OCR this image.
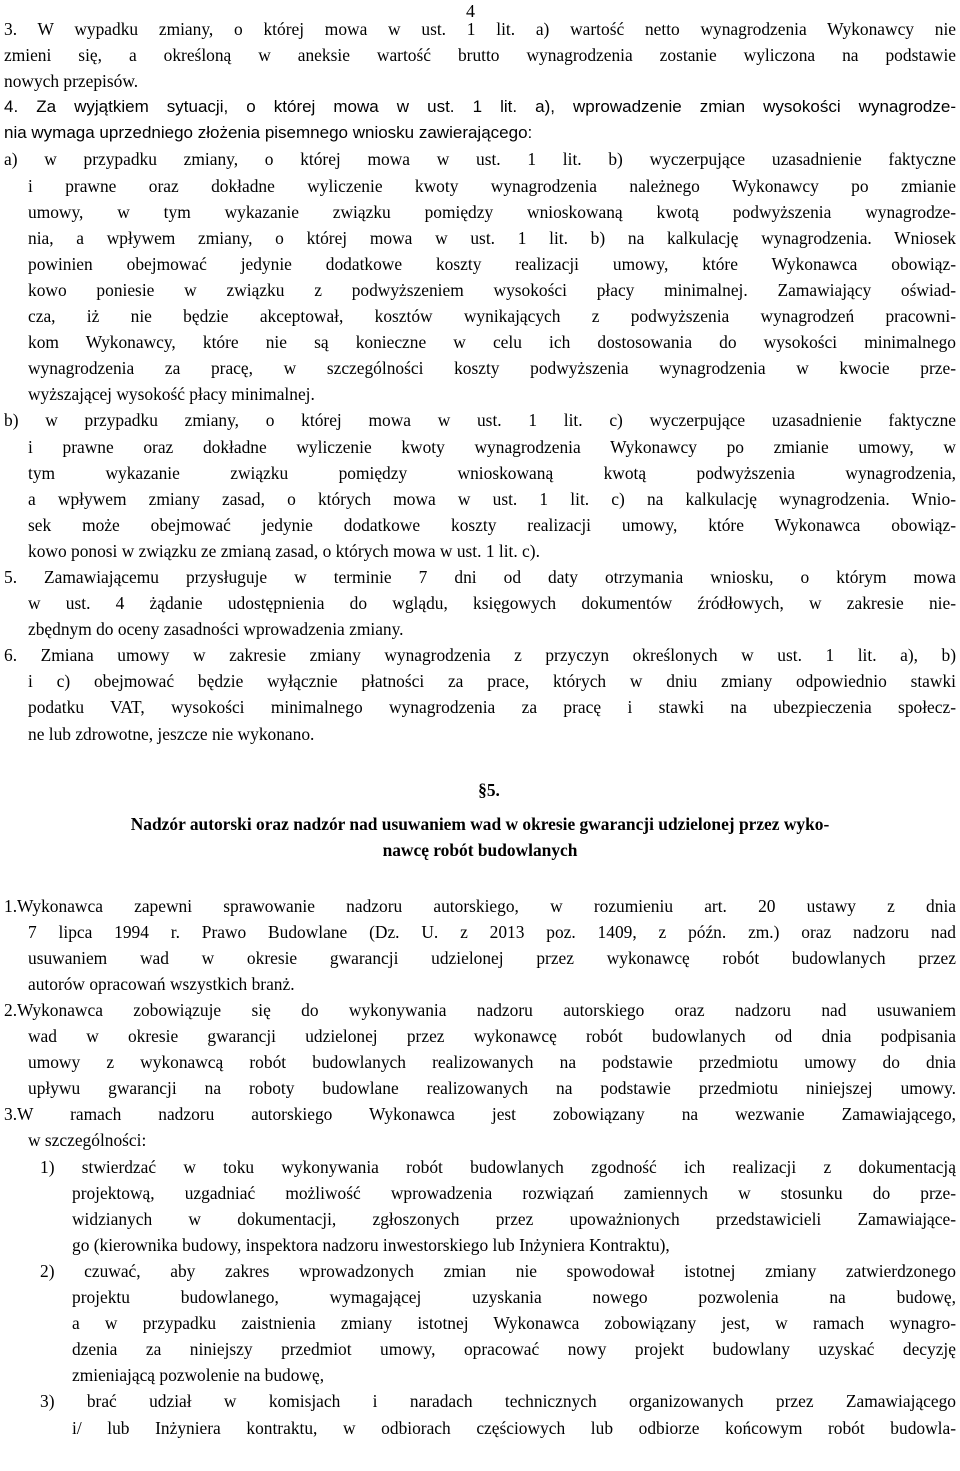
4
3. W wypadku zmiany, o której mowa w ust. 1 lit. a) wartość netto wynagrodzenia Wykonawcy nie
zmieni się, a określoną w aneksie wartość brutto wynagrodzenia zostanie wyliczona na podstawie
nowych przepisów.
4. Za wyjątkiem sytuacji, o której mowa w ust. 1 lit. a), wprowadzenie zmian wysokości wynagrodze-
nia wymaga uprzedniego złożenia pisemnego wniosku zawierającego:
a) w przypadku zmiany, o której mowa w ust. 1 lit. b) wyczerpujące uzasadnienie faktyczne
i prawne oraz dokładne wyliczenie kwoty wynagrodzenia należnego Wykonawcy po zmianie
umowy, w tym wykazanie związku pomiędzy wnioskowaną kwotą podwyższenia wynagrodze-
nia, a wpływem zmiany, o której mowa w ust. 1 lit. b) na kalkulację wynagrodzenia. Wniosek
powinien obejmować jedynie dodatkowe koszty realizacji umowy, które Wykonawca obowiąz-
kowo poniesie w związku z podwyższeniem wysokości płacy minimalnej. Zamawiający oświad-
cza, iż nie będzie akceptował, kosztów wynikających z podwyższenia wynagrodzeń pracowni-
kom Wykonawcy, które nie są konieczne w celu ich dostosowania do wysokości minimalnego
wynagrodzenia za pracę, w szczególności koszty podwyższenia wynagrodzenia w kwocie prze-
wyższającej wysokość płacy minimalnej.
b) w przypadku zmiany, o której mowa w ust. 1 lit. c) wyczerpujące uzasadnienie faktyczne
i prawne oraz dokładne wyliczenie kwoty wynagrodzenia Wykonawcy po zmianie umowy, w
tym wykazanie związku pomiędzy wnioskowaną kwotą podwyższenia wynagrodzenia,
a wpływem zmiany zasad, o których mowa w ust. 1 lit. c) na kalkulację wynagrodzenia. Wnio-
sek może obejmować jedynie dodatkowe koszty realizacji umowy, które Wykonawca obowiąz-
kowo ponosi w związku ze zmianą zasad, o których mowa w ust. 1 lit. c).
5. Zamawiającemu przysługuje w terminie 7 dni od daty otrzymania wniosku, o którym mowa
w ust. 4 żądanie udostępnienia do wglądu, księgowych dokumentów źródłowych, w zakresie nie-
zbędnym do oceny zasadności wprowadzenia zmiany.
6. Zmiana umowy w zakresie zmiany wynagrodzenia z przyczyn określonych w ust. 1 lit. a), b)
i c) obejmować będzie wyłącznie płatności za prace, których w dniu zmiany odpowiednio stawki
podatku VAT, wysokości minimalnego wynagrodzenia za pracę i stawki na ubezpieczenia społecz-
ne lub zdrowotne, jeszcze nie wykonano.
§5.
Nadzór autorski oraz nadzór nad usuwaniem wad w okresie gwarancji udzielonej przez wyko-
nawcę robót budowlanych
1.Wykonawca zapewni sprawowanie nadzoru autorskiego, w rozumieniu art. 20 ustawy z dnia
7 lipca 1994 r. Prawo Budowlane (Dz. U. z 2013 poz. 1409, z późn. zm.) oraz nadzoru nad
usuwaniem wad w okresie gwarancji udzielonej przez wykonawcę robót budowlanych przez
autorów opracowań wszystkich branż.
2.Wykonawca zobowiązuje się do wykonywania nadzoru autorskiego oraz nadzoru nad usuwaniem
wad w okresie gwarancji udzielonej przez wykonawcę robót budowlanych od dnia podpisania
umowy z wykonawcą robót budowlanych realizowanych na podstawie przedmiotu umowy do dnia
upływu gwarancji na roboty budowlane realizowanych na podstawie przedmiotu niniejszej umowy.
3.W ramach nadzoru autorskiego Wykonawca jest zobowiązany na wezwanie Zamawiającego,
w szczególności:
1) stwierdzać w toku wykonywania robót budowlanych zgodność ich realizacji z dokumentacją
projektową, uzgadniać możliwość wprowadzenia rozwiązań zamiennych w stosunku do prze-
widzianych w dokumentacji, zgłoszonych przez upoważnionych przedstawicieli Zamawiające-
go (kierownika budowy, inspektora nadzoru inwestorskiego lub Inżyniera Kontraktu),
2) czuwać, aby zakres wprowadzonych zmian nie spowodował istotnej zmiany zatwierdzonego
projektu budowlanego, wymagającej uzyskania nowego pozwolenia na budowę,
a w przypadku zaistnienia zmiany istotnej Wykonawca zobowiązany jest, w ramach wynagro-
dzenia za niniejszy przedmiot umowy, opracować nowy projekt budowlany uzyskać decyzję
zmieniającą pozwolenie na budowę,
3) brać udział w komisjach i naradach technicznych organizowanych przez Zamawiającego
i/ lub Inżyniera kontraktu, w odbiorach częściowych lub odbiorze końcowym robót budowla-
